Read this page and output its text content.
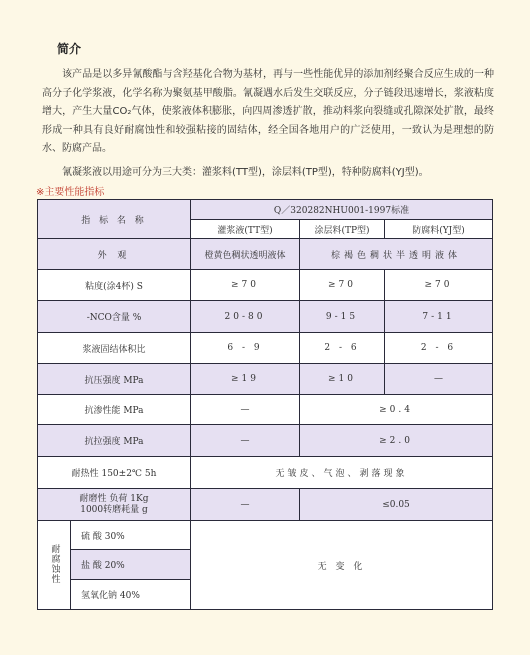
简介
该产品是以多异氰酸酯与含羟基化合物为基材，再与一些性能优异的添加剂经聚合反应生成的一种高分子化学浆液，化学名称为聚氨基甲酸脂。氰凝遇水后发生交联反应，分子链段迅速增长，浆液粘度增大，产生大量CO₂气体，使浆液体积膨胀，向四周渗透扩散，推动料浆向裂缝或孔隙深处扩散，最终形成一种具有良好耐腐蚀性和较强粘接的固结体，经全国各地用户的广泛使用，一致认为是理想的防水、防腐产品。
氰凝浆液以用途可分为三大类：灌浆料(TT型)，涂层料(TP型)，特种防腐料(YJ型)。
※主要性能指标
指 标 名 称		Q／320282NHU001-1997标准		
		灌浆液(TT型)	涂层料(TP型)	防腐料(YJ型)
外 观		橙黄色稠状透明液体	棕褐色稠状半透明液体	
粘度(涂4杯) S		≥70	≥70	≥70
-NCO含量 %		20-80	9-15	7-11
浆液固结体积比		6 - 9	2 - 6	2 - 6
抗压强度 MPa		≥19	≥10	—
抗渗性能 MPa		—	≥0.4	
抗拉强度 MPa		—	≥2.0	
耐热性 150±2℃ 5h		无皱皮、气泡、剥落现象		

耐磨性 负荷 1Kg
1000转磨耗量 g		—	≤0.05	
耐腐蚀性	硫 酸 30%	无 变 化		
	盐 酸 20%			
	氢氧化钠 40%			
